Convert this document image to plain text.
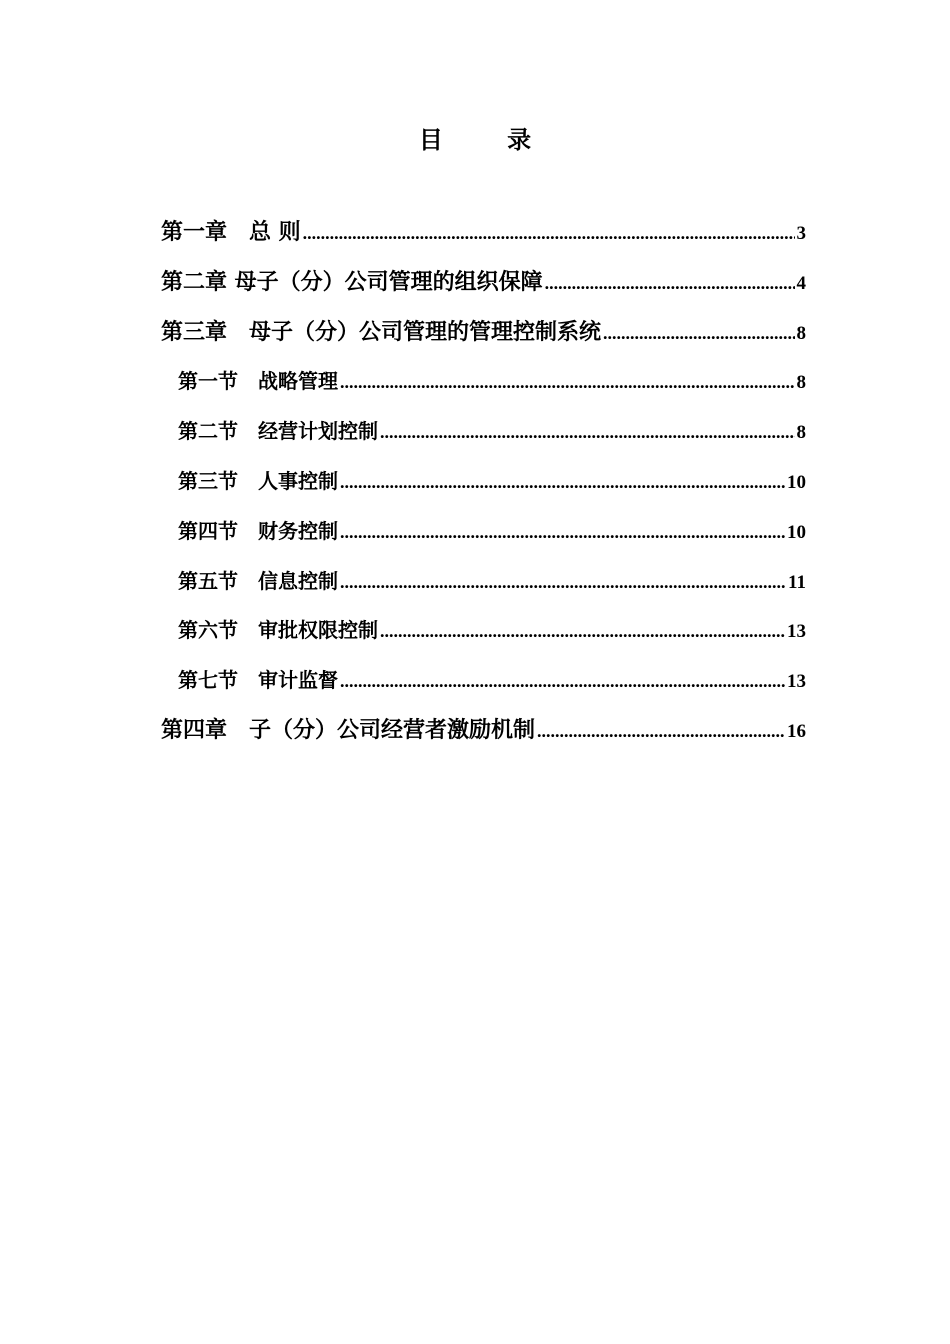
目 录
第一章　总 则 .....	3
第二章 母子（分）公司管理的组织保障 .....	4
第三章　母子（分）公司管理的管理控制系统 .....	8
第一节　战略管理 .....	8
第二节　经营计划控制 .....	8
第三节　人事控制 .....	10
第四节　财务控制 .....	10
第五节　信息控制 .....	11
第六节　审批权限控制 .....	13
第七节　审计监督 .....	13
第四章　子（分）公司经营者激励机制 .....	16
